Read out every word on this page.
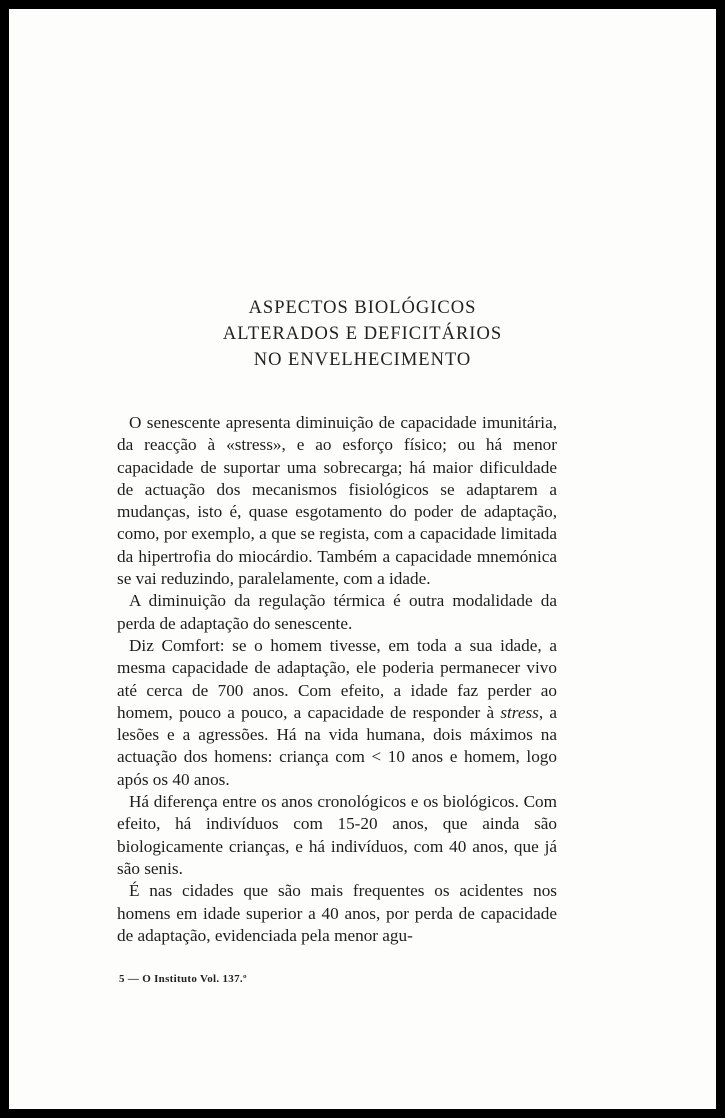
ASPECTOS BIOLÓGICOS
ALTERADOS E DEFICITÁRIOS
NO ENVELHECIMENTO

O senescente apresenta diminuição de capacidade imunitária, da reacção à «stress», e ao esforço físico; ou há menor capacidade de suportar uma sobrecarga; há maior dificuldade de actuação dos mecanismos fisiológicos se adaptarem a mudanças, isto é, quase esgotamento do poder de adaptação, como, por exemplo, a que se regista, com a capacidade limitada da hipertrofia do miocárdio. Também a capacidade mnemónica se vai reduzindo, paralelamente, com a idade.

A diminuição da regulação térmica é outra modalidade da perda de adaptação do senescente.

Diz Comfort: se o homem tivesse, em toda a sua idade, a mesma capacidade de adaptação, ele poderia permanecer vivo até cerca de 700 anos. Com efeito, a idade faz perder ao homem, pouco a pouco, a capacidade de responder à stress, a lesões e a agressões. Há na vida humana, dois máximos na actuação dos homens: criança com < 10 anos e homem, logo após os 40 anos.

Há diferença entre os anos cronológicos e os biológicos. Com efeito, há indivíduos com 15-20 anos, que ainda são biologicamente crianças, e há indivíduos, com 40 anos, que já são senis.

É nas cidades que são mais frequentes os acidentes nos homens em idade superior a 40 anos, por perda de capacidade de adaptação, evidenciada pela menor agu-

5 — O Instituto Vol. 137.º
